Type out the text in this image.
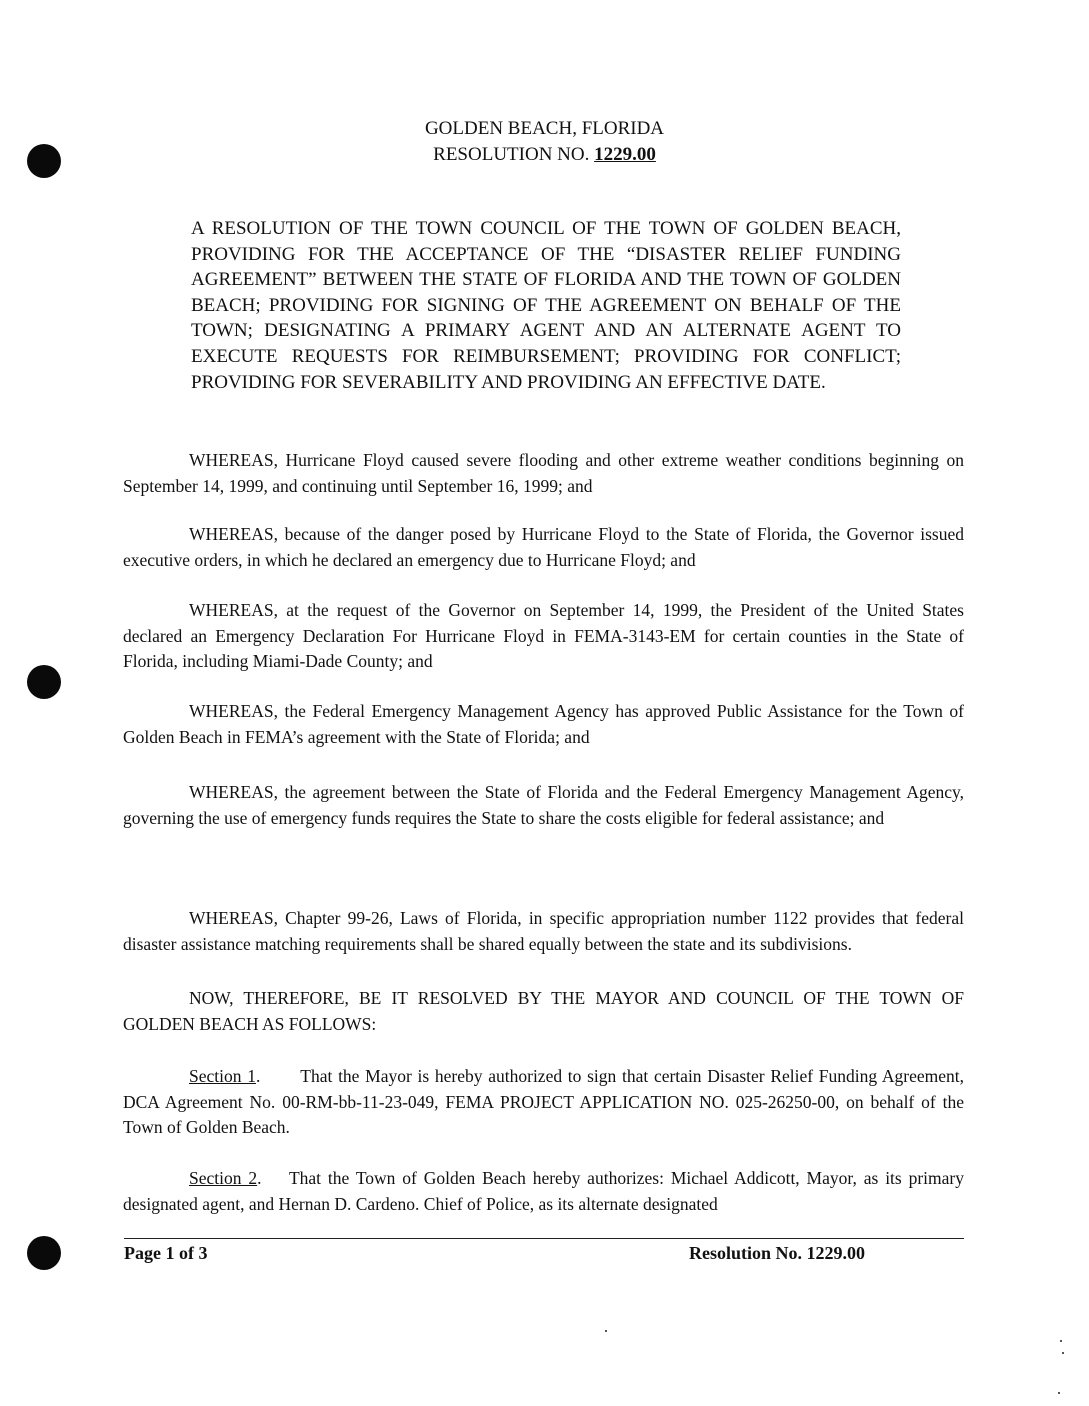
GOLDEN BEACH, FLORIDA
RESOLUTION NO. 1229.00
A RESOLUTION OF THE TOWN COUNCIL OF THE TOWN OF GOLDEN BEACH, PROVIDING FOR THE ACCEPTANCE OF THE “DISASTER RELIEF FUNDING AGREEMENT” BETWEEN THE STATE OF FLORIDA AND THE TOWN OF GOLDEN BEACH; PROVIDING FOR SIGNING OF THE AGREEMENT ON BEHALF OF THE TOWN; DESIGNATING A PRIMARY AGENT AND AN ALTERNATE AGENT TO EXECUTE REQUESTS FOR REIMBURSEMENT; PROVIDING FOR CONFLICT; PROVIDING FOR SEVERABILITY AND PROVIDING AN EFFECTIVE DATE.
WHEREAS, Hurricane Floyd caused severe flooding and other extreme weather conditions beginning on September 14, 1999, and continuing until September 16, 1999; and
WHEREAS, because of the danger posed by Hurricane Floyd to the State of Florida, the Governor issued executive orders, in which he declared an emergency due to Hurricane Floyd; and
WHEREAS, at the request of the Governor on September 14, 1999, the President of the United States declared an Emergency Declaration For Hurricane Floyd in FEMA-3143-EM for certain counties in the State of Florida, including Miami-Dade County; and
WHEREAS, the Federal Emergency Management Agency has approved Public Assistance for the Town of Golden Beach in FEMA’s agreement with the State of Florida; and
WHEREAS, the agreement between the State of Florida and the Federal Emergency Management Agency, governing the use of emergency funds requires the State to share the costs eligible for federal assistance; and
WHEREAS, Chapter 99-26, Laws of Florida, in specific appropriation number 1122 provides that federal disaster assistance matching requirements shall be shared equally between the state and its subdivisions.
NOW, THEREFORE, BE IT RESOLVED BY THE MAYOR AND COUNCIL OF THE TOWN OF GOLDEN BEACH AS FOLLOWS:
Section 1.       That the Mayor is hereby authorized to sign that certain Disaster Relief Funding Agreement, DCA Agreement No. 00-RM-bb-11-23-049, FEMA PROJECT APPLICATION NO. 025-26250-00, on behalf of the Town of Golden Beach.
Section 2.    That the Town of Golden Beach hereby authorizes: Michael Addicott, Mayor, as its primary designated agent, and Hernan D. Cardeno. Chief of Police, as its alternate designated
Page 1 of 3	Resolution No. 1229.00
